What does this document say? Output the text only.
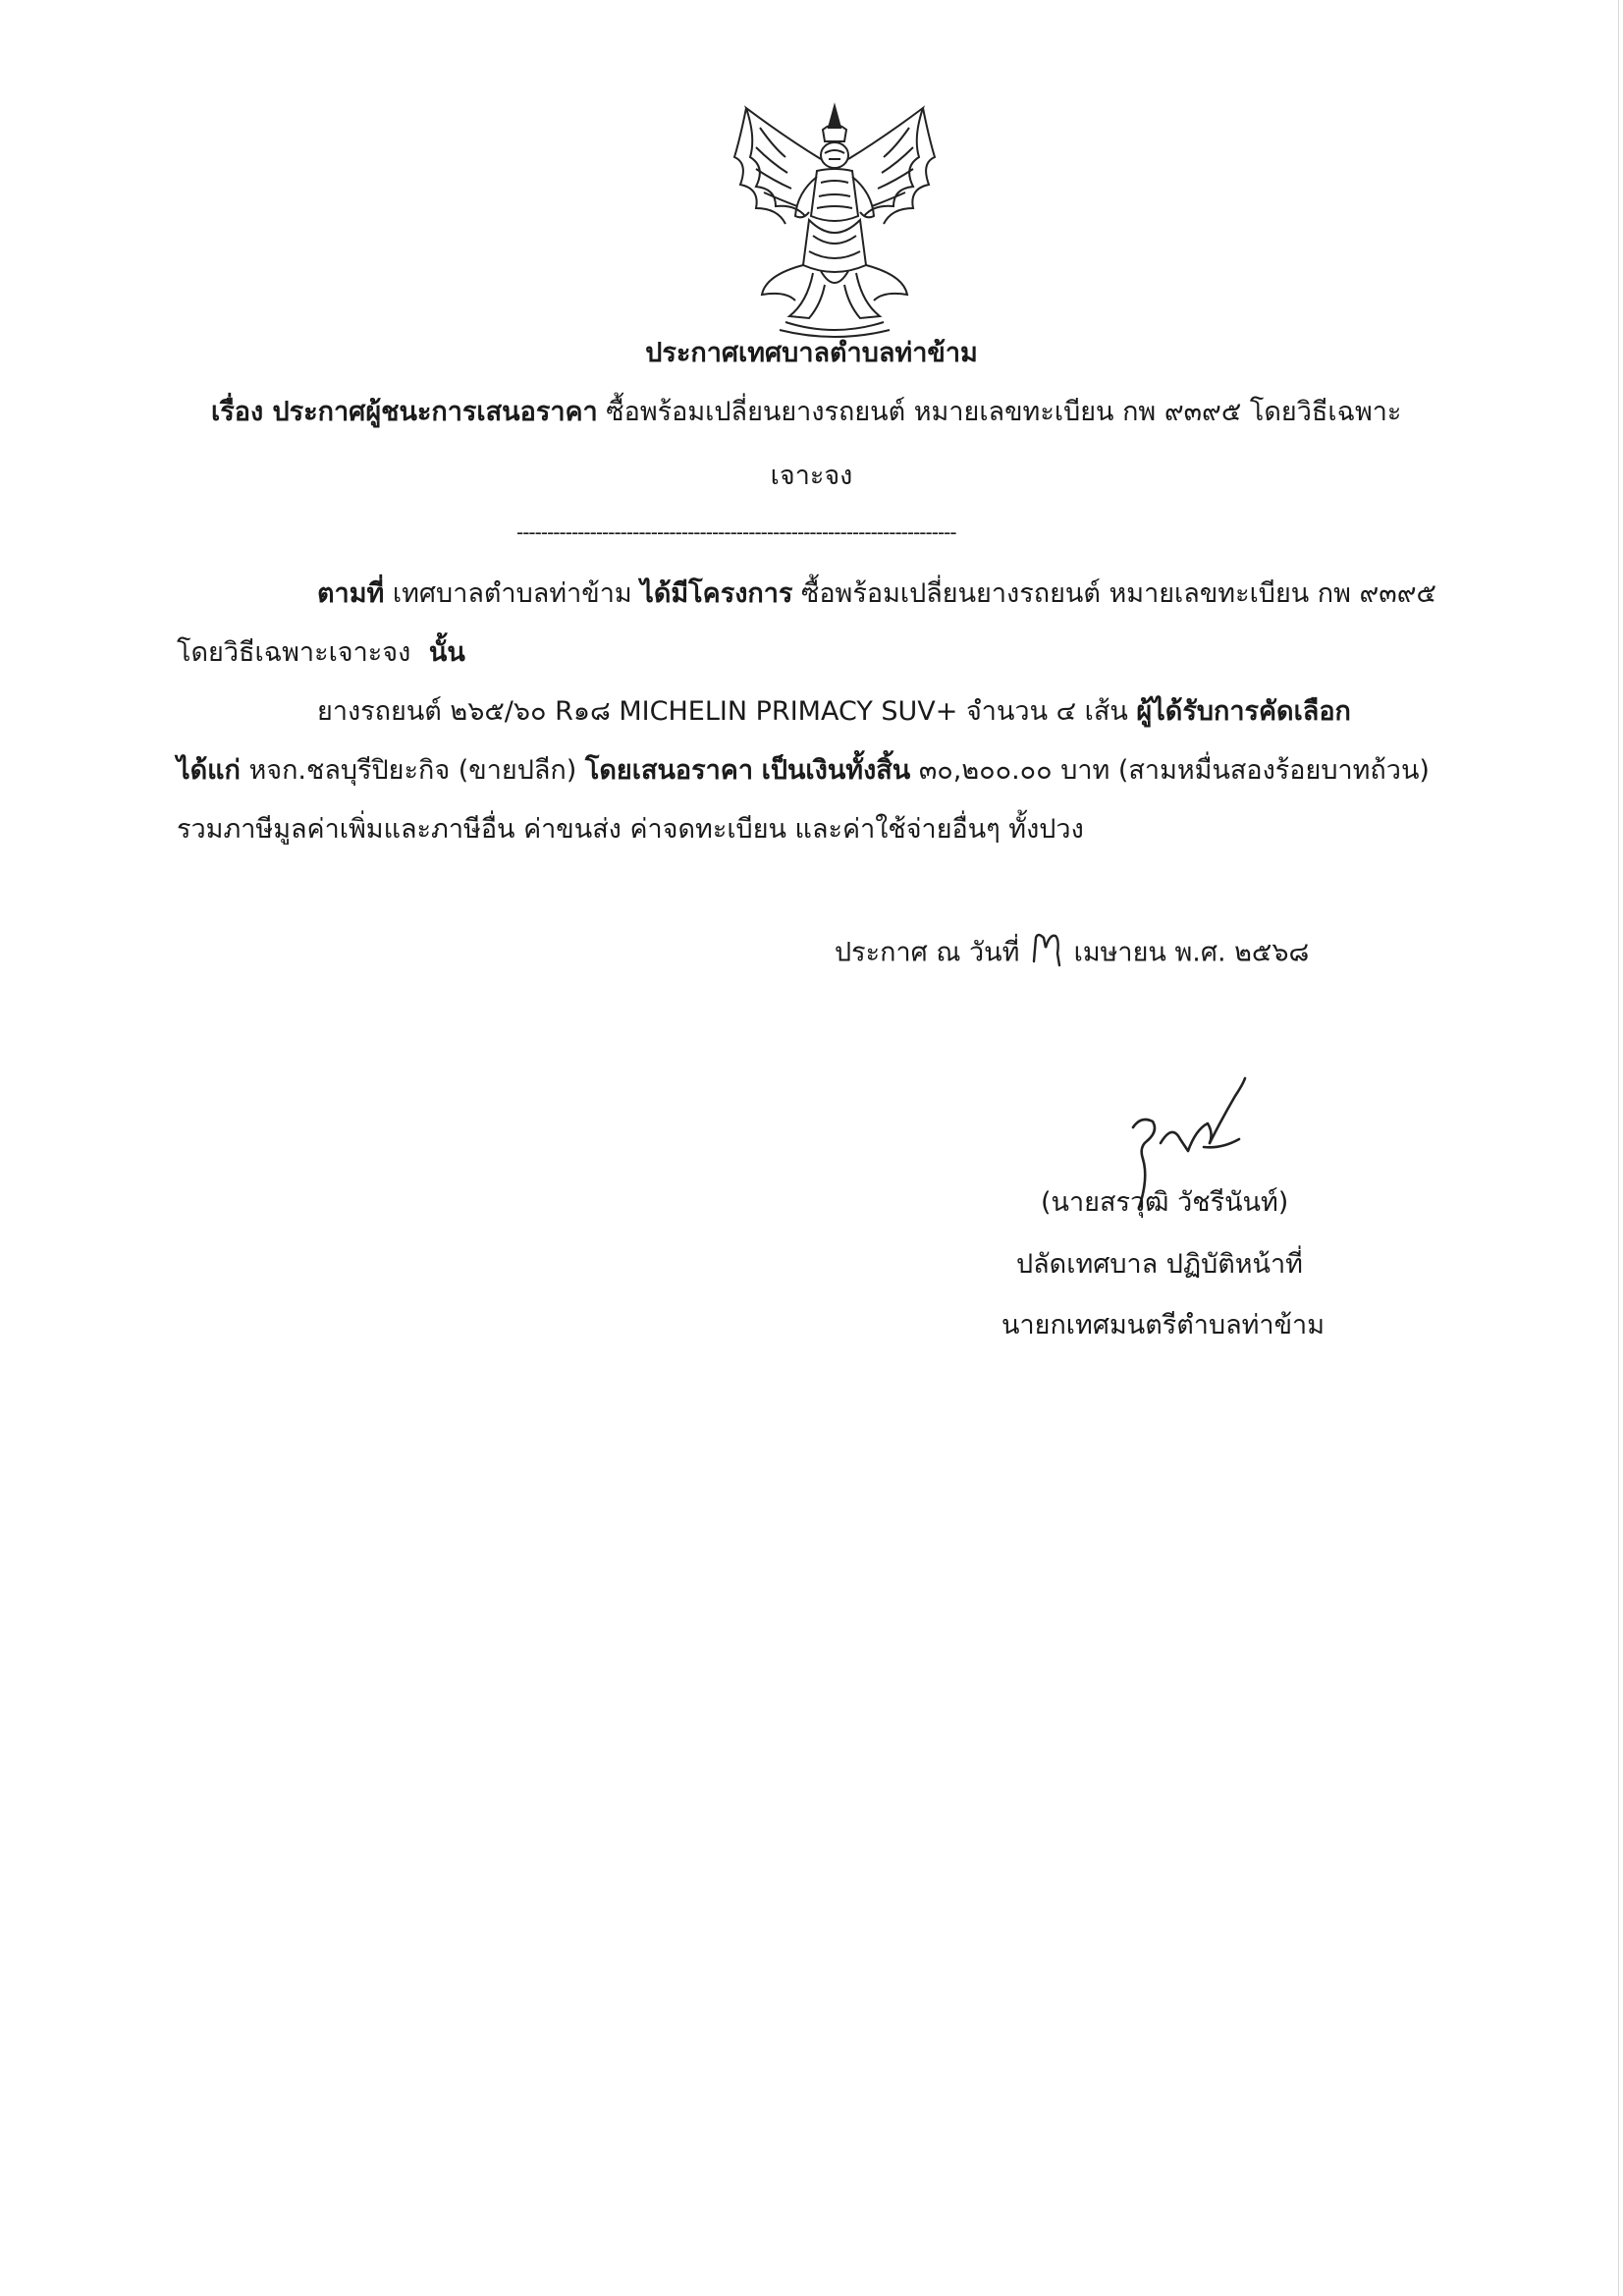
ประกาศเทศบาลตำบลท่าข้าม
เรื่อง ประกาศผู้ชนะการเสนอราคา ซื้อพร้อมเปลี่ยนยางรถยนต์ หมายเลขทะเบียน กพ ๙๓๙๕ โดยวิธีเฉพาะ
เจาะจง
------------------------------------------------------------------------
ตามที่ เทศบาลตำบลท่าข้าม ได้มีโครงการ ซื้อพร้อมเปลี่ยนยางรถยนต์ หมายเลขทะเบียน กพ ๙๓๙๕
โดยวิธีเฉพาะเจาะจง นั้น
ยางรถยนต์ ๒๖๕/๖๐ R๑๘ MICHELIN PRIMACY SUV+ จำนวน ๔ เส้น ผู้ได้รับการคัดเลือก
ได้แก่ หจก.ชลบุรีปิยะกิจ (ขายปลีก) โดยเสนอราคา เป็นเงินทั้งสิ้น ๓๐,๒๐๐.๐๐ บาท (สามหมื่นสองร้อยบาทถ้วน)
รวมภาษีมูลค่าเพิ่มและภาษีอื่น ค่าขนส่ง ค่าจดทะเบียน และค่าใช้จ่ายอื่นๆ ทั้งปวง
ประกาศ ณ วันที่ เมษายน พ.ศ. ๒๕๖๘
(นายสรวุฒิ วัชรีนันท์)
ปลัดเทศบาล ปฏิบัติหน้าที่
นายกเทศมนตรีตำบลท่าข้าม
